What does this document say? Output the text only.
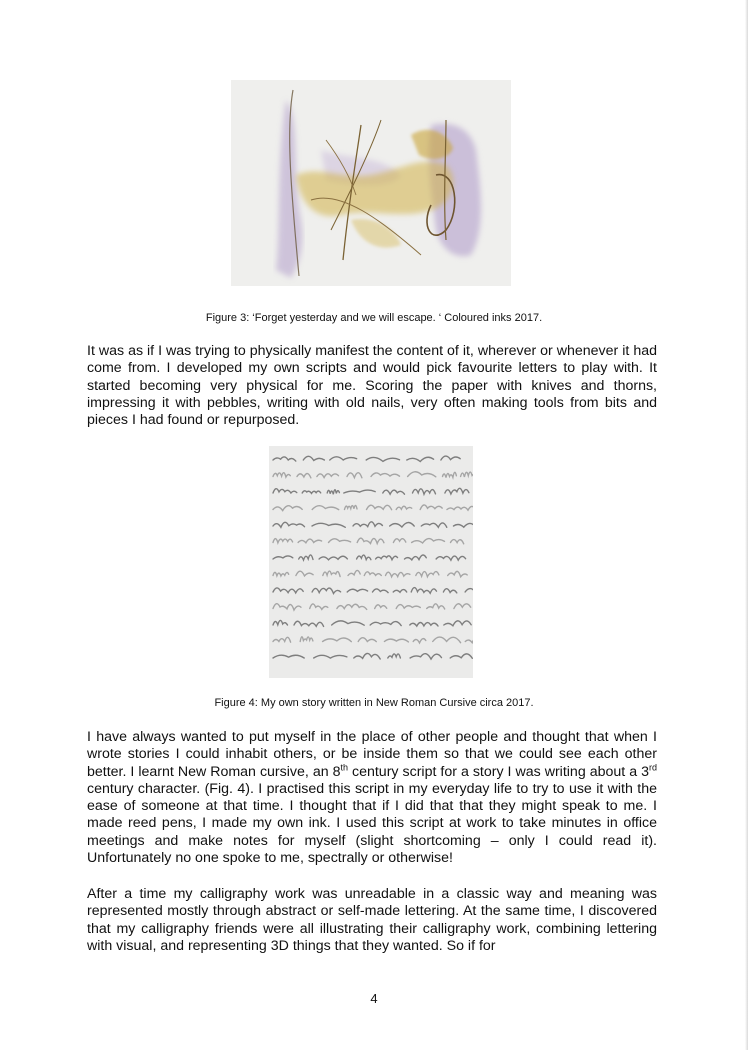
Figure 3: ‘Forget yesterday and we will escape. ‘ Coloured inks 2017.

It was as if I was trying to physically manifest the content of it, wherever or whenever it had come from. I developed my own scripts and would pick favourite letters to play with. It started becoming very physical for me. Scoring the paper with knives and thorns, impressing it with pebbles, writing with old nails, very often making tools from bits and pieces I had found or repurposed.

Figure 4: My own story written in New Roman Cursive circa 2017.

I have always wanted to put myself in the place of other people and thought that when I wrote stories I could inhabit others, or be inside them so that we could see each other better. I learnt New Roman cursive, an 8th century script for a story I was writing about a 3rd century character. (Fig. 4). I practised this script in my everyday life to try to use it with the ease of someone at that time. I thought that if I did that that they might speak to me. I made reed pens, I made my own ink. I used this script at work to take minutes in office meetings and make notes for myself (slight shortcoming – only I could read it). Unfortunately no one spoke to me, spectrally or otherwise!

After a time my calligraphy work was unreadable in a classic way and meaning was represented mostly through abstract or self-made lettering. At the same time, I discovered that my calligraphy friends were all illustrating their calligraphy work, combining lettering with visual, and representing 3D things that they wanted. So if for

4
